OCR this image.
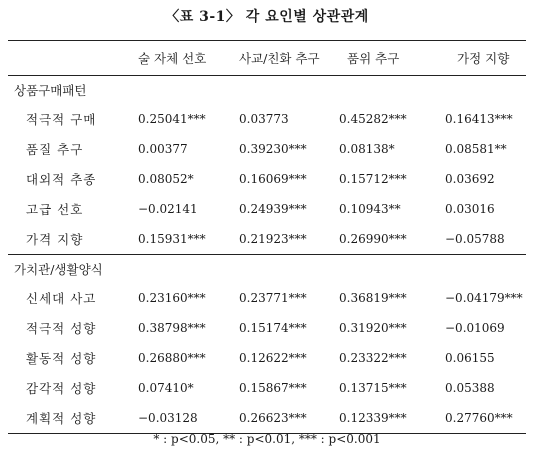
〈표 3-1〉 각 요인별 상관관계
	술 자체 선호	사교/친화 추구	품위 추구	가정 지향
상품구매패턴				
적극적 구매	0.25041***	0.03773	0.45282***	0.16413***
품질 추구	0.00377	0.39230***	0.08138*	0.08581**
대외적 추종	0.08052*	0.16069***	0.15712***	0.03692
고급 선호	−0.02141	0.24939***	0.10943**	0.03016
가격 지향	0.15931***	0.21923***	0.26990***	−0.05788
가치관/생활양식				
신세대 사고	0.23160***	0.23771***	0.36819***	−0.04179***
적극적 성향	0.38798***	0.15174***	0.31920***	−0.01069
활동적 성향	0.26880***	0.12622***	0.23322***	0.06155
감각적 성향	0.07410*	0.15867***	0.13715***	0.05388
계획적 성향	−0.03128	0.26623***	0.12339***	0.27760***
* : p<0.05, ** : p<0.01, *** : p<0.001
